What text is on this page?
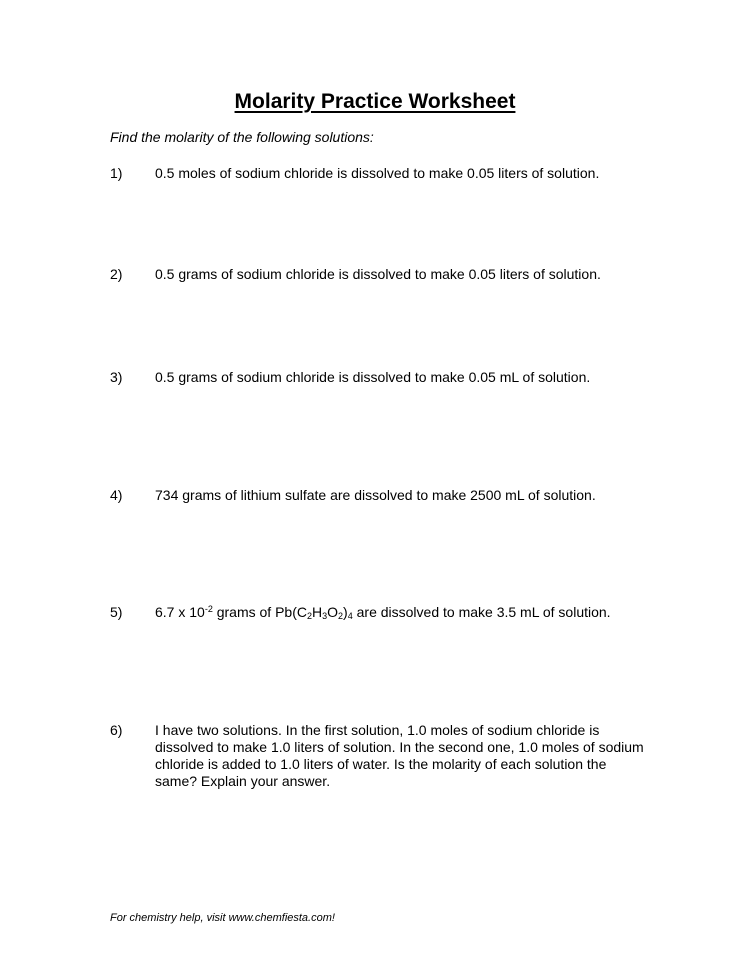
Molarity Practice Worksheet

Find the molarity of the following solutions:

1) 0.5 moles of sodium chloride is dissolved to make 0.05 liters of solution.
2) 0.5 grams of sodium chloride is dissolved to make 0.05 liters of solution.
3) 0.5 grams of sodium chloride is dissolved to make 0.05 mL of solution.
4) 734 grams of lithium sulfate are dissolved to make 2500 mL of solution.
5) 6.7 x $10^{-2}$ grams of $Pb(C_2H_3O_2)_4$ are dissolved to make 3.5 mL of solution.
6) I have two solutions. In the first solution, 1.0 moles of sodium chloride is dissolved to make 1.0 liters of solution. In the second one, 1.0 moles of sodium chloride is added to 1.0 liters of water. Is the molarity of each solution the same? Explain your answer.

For chemistry help, visit www.chemfiesta.com!
